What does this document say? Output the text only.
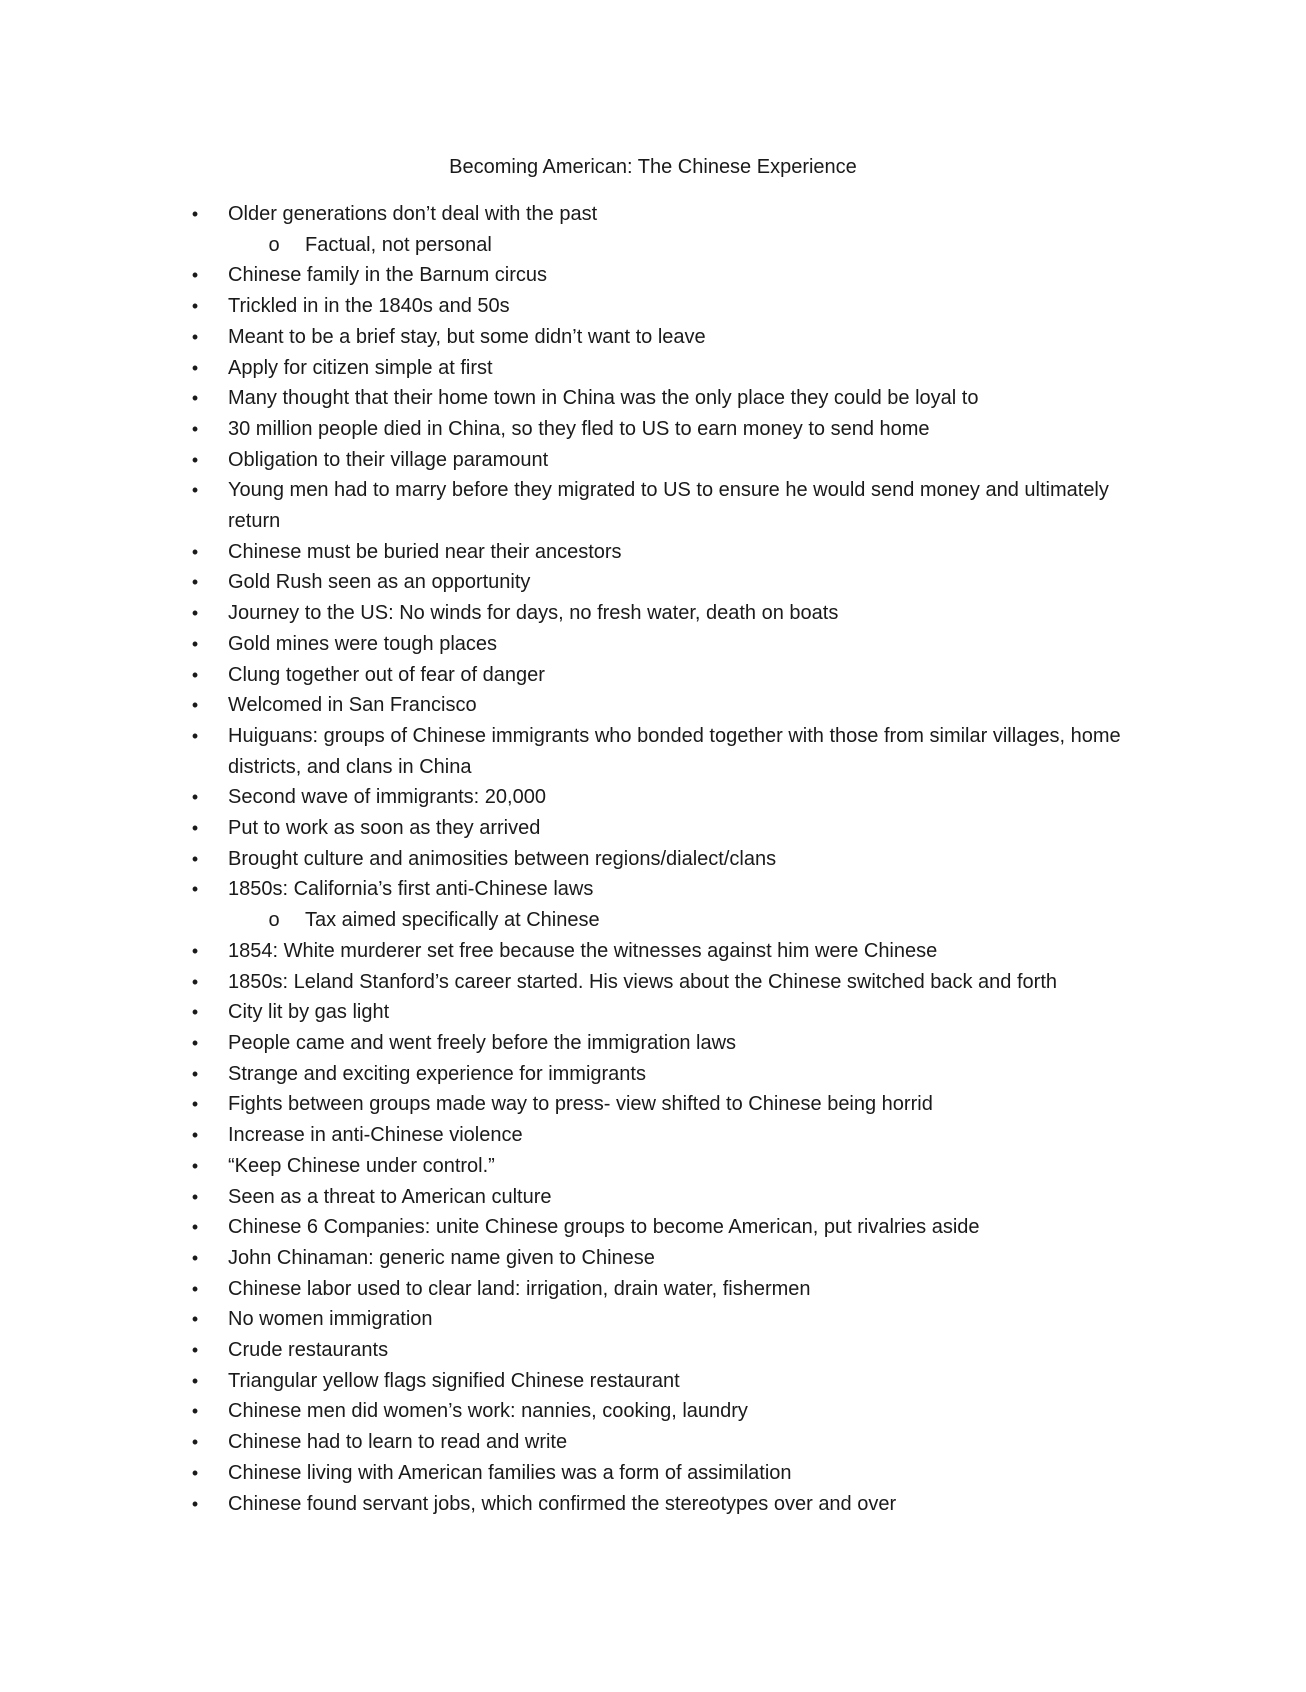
Becoming American: The Chinese Experience
• Older generations don’t deal with the past
o Factual, not personal
• Chinese family in the Barnum circus
• Trickled in in the 1840s and 50s
• Meant to be a brief stay, but some didn’t want to leave
• Apply for citizen simple at first
• Many thought that their home town in China was the only place they could be loyal to
• 30 million people died in China, so they fled to US to earn money to send home
• Obligation to their village paramount
• Young men had to marry before they migrated to US to ensure he would send money and ultimately return
• Chinese must be buried near their ancestors
• Gold Rush seen as an opportunity
• Journey to the US: No winds for days, no fresh water, death on boats
• Gold mines were tough places
• Clung together out of fear of danger
• Welcomed in San Francisco
• Huiguans: groups of Chinese immigrants who bonded together with those from similar villages, home districts, and clans in China
• Second wave of immigrants: 20,000
• Put to work as soon as they arrived
• Brought culture and animosities between regions/dialect/clans
• 1850s: California’s first anti-Chinese laws
o Tax aimed specifically at Chinese
• 1854: White murderer set free because the witnesses against him were Chinese
• 1850s: Leland Stanford’s career started. His views about the Chinese switched back and forth
• City lit by gas light
• People came and went freely before the immigration laws
• Strange and exciting experience for immigrants
• Fights between groups made way to press- view shifted to Chinese being horrid
• Increase in anti-Chinese violence
• “Keep Chinese under control.”
• Seen as a threat to American culture
• Chinese 6 Companies: unite Chinese groups to become American, put rivalries aside
• John Chinaman: generic name given to Chinese
• Chinese labor used to clear land: irrigation, drain water, fishermen
• No women immigration
• Crude restaurants
• Triangular yellow flags signified Chinese restaurant
• Chinese men did women’s work: nannies, cooking, laundry
• Chinese had to learn to read and write
• Chinese living with American families was a form of assimilation
• Chinese found servant jobs, which confirmed the stereotypes over and over
